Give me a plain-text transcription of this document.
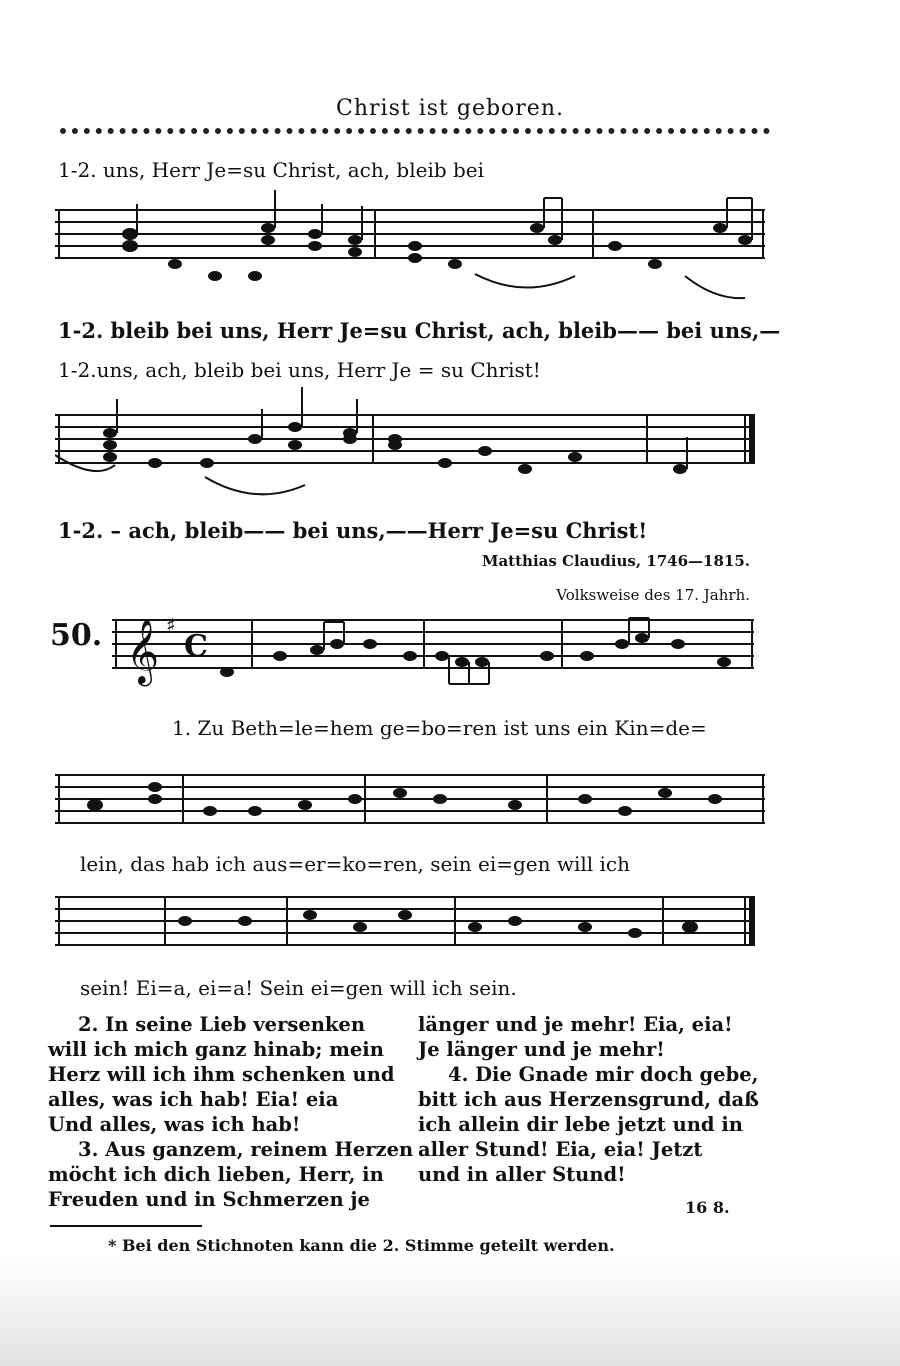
Christ ist geboren.
1-2. uns, Herr Je=su Christ, ach, bleib bei
1-2. bleib bei uns, Herr Je=su Christ, ach, bleib—— bei uns,—
1-2.uns, ach, bleib bei uns, Herr Je = su Christ!
1-2. – ach, bleib—— bei uns,——Herr Je=su Christ!
Matthias Claudius, 1746—1815.
Volksweise des 17. Jahrh.
50. 𝄞 ♯
C
1. Zu Beth=le=hem ge=bo=ren ist uns ein Kin=de=
lein, das hab ich aus=er=ko=ren, sein ei=gen will ich
sein! Ei=a, ei=a! Sein ei=gen will ich sein.
2. In seine Lieb versenken
will ich mich ganz hinab; mein
Herz will ich ihm schenken und
alles, was ich hab! Eia! eia
Und alles, was ich hab!
3. Aus ganzem, reinem Herzen
möcht ich dich lieben, Herr, in
Freuden und in Schmerzen je
länger und je mehr! Eia, eia!
Je länger und je mehr!
4. Die Gnade mir doch gebe,
bitt ich aus Herzensgrund, daß
ich allein dir lebe jetzt und in
aller Stund! Eia, eia! Jetzt
und in aller Stund!
16 8.
* Bei den Stichnoten kann die 2. Stimme geteilt werden.
